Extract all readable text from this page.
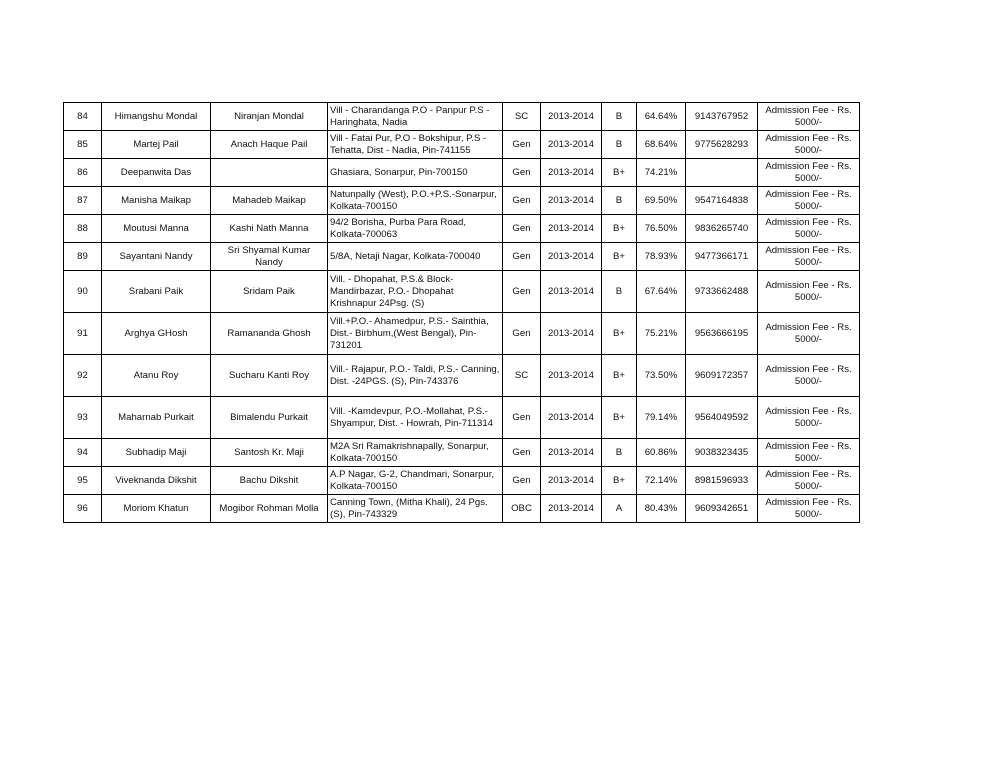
84	Himangshu Mondal	Niranjan Mondal	Vill - Charandanga P.O - Panpur P.S - Haringhata, Nadia	SC	2013-2014	B	64.64%	9143767952	Admission Fee - Rs. 5000/-
85	Martej Pail	Anach Haque Pail	Vill - Fatai Pur, P.O - Bokshipur, P.S - Tehatta, Dist - Nadia, Pin-741155	Gen	2013-2014	B	68.64%	9775628293	Admission Fee - Rs. 5000/-
86	Deepanwita Das		Ghasiara, Sonarpur, Pin-700150	Gen	2013-2014	B+	74.21%		Admission Fee - Rs. 5000/-
87	Manisha Maikap	Mahadeb Maikap	Natunpally (West), P.O.+P.S.-Sonarpur, Kolkata-700150	Gen	2013-2014	B	69.50%	9547164838	Admission Fee - Rs. 5000/-
88	Moutusi Manna	Kashi Nath Manna	94/2 Borisha, Purba Para Road, Kolkata-700063	Gen	2013-2014	B+	76.50%	9836265740	Admission Fee - Rs. 5000/-
89	Sayantani Nandy	Sri Shyamal Kumar Nandy	5/8A, Netaji Nagar, Kolkata-700040	Gen	2013-2014	B+	78.93%	9477366171	Admission Fee - Rs. 5000/-
90	Srabani Paik	Sridam Paik	Vill. - Dhopahat, P.S.& Block-Mandirbazar, P.O.- Dhopahat Krishnapur 24Psg. (S)	Gen	2013-2014	B	67.64%	9733662488	Admission Fee - Rs. 5000/-
91	Arghya GHosh	Ramananda Ghosh	Vill.+P.O.- Ahamedpur, P.S.- Sainthia, Dist.- Birbhum,(West Bengal), Pin-731201	Gen	2013-2014	B+	75.21%	9563666195	Admission Fee - Rs. 5000/-
92	Atanu Roy	Sucharu Kanti Roy	Vill.- Rajapur, P.O.- Taldi, P.S.- Canning, Dist. -24PGS. (S), Pin-743376	SC	2013-2014	B+	73.50%	9609172357	Admission Fee - Rs. 5000/-
93	Maharnab Purkait	Bimalendu Purkait	Vill. -Kamdevpur, P.O.-Mollahat, P.S.-Shyampur, Dist. - Howrah, Pin-711314	Gen	2013-2014	B+	79.14%	9564049592	Admission Fee - Rs. 5000/-
94	Subhadip Maji	Santosh Kr. Maji	M2A Sri Ramakrishnapally, Sonarpur, Kolkata-700150	Gen	2013-2014	B	60.86%	9038323435	Admission Fee - Rs. 5000/-
95	Viveknanda Dikshit	Bachu Dikshit	A.P Nagar, G-2, Chandmari, Sonarpur, Kolkata-700150	Gen	2013-2014	B+	72.14%	8981596933	Admission Fee - Rs. 5000/-
96	Moriom Khatun	Mogibor Rohman Molla	Canning Town, (Mitha Khali), 24 Pgs. (S), Pin-743329	OBC	2013-2014	A	80.43%	9609342651	Admission Fee - Rs. 5000/-
